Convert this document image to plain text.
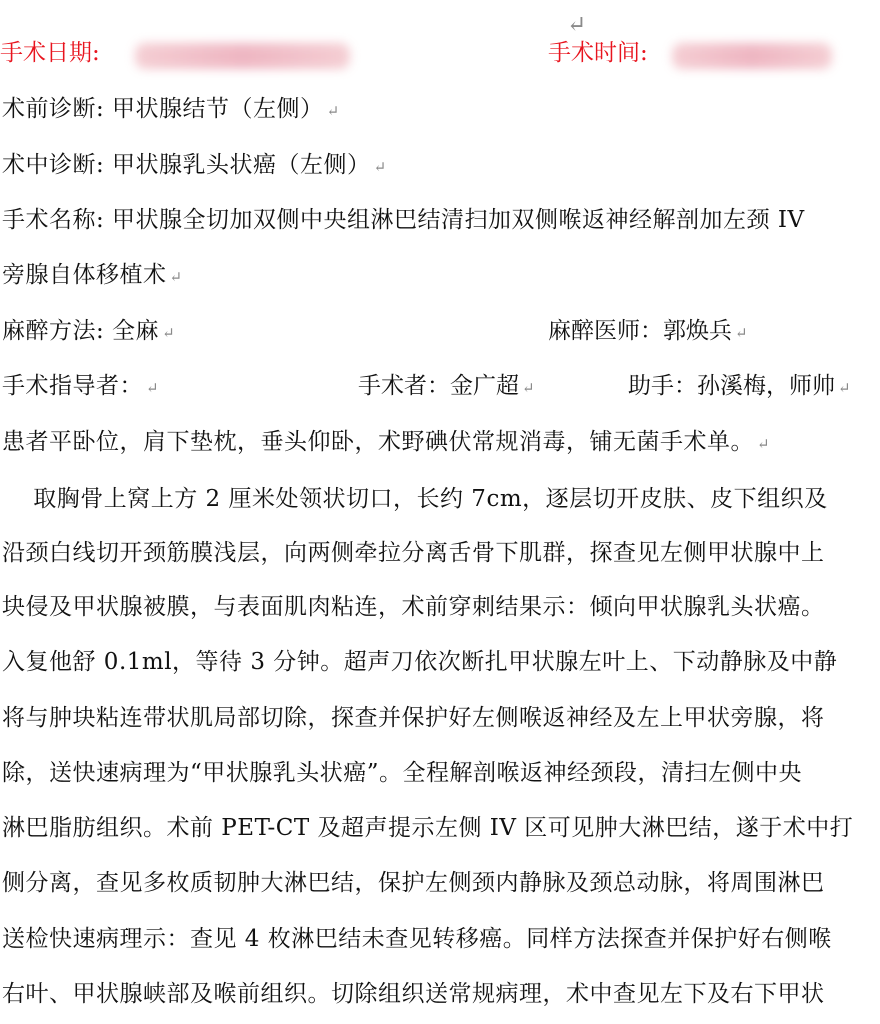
↵
手术日期:	手术时间:
术前诊断: 甲状腺结节（左侧） ↵
术中诊断: 甲状腺乳头状癌（左侧） ↵
手术名称: 甲状腺全切加双侧中央组淋巴结清扫加双侧喉返神经解剖加左颈 IV
旁腺自体移植术 ↵
麻醉方法: 全麻 ↵	麻醉医师：郭焕兵 ↵
手术指导者： ↵	手术者：金广超 ↵	助手：孙溪梅，师帅 ↵
患者平卧位，肩下垫枕，垂头仰卧，术野碘伏常规消毒，铺无菌手术单。 ↵
取胸骨上窝上方 2 厘米处领状切口，长约 7cm，逐层切开皮肤、皮下组织及
沿颈白线切开颈筋膜浅层，向两侧牵拉分离舌骨下肌群，探查见左侧甲状腺中上
块侵及甲状腺被膜，与表面肌肉粘连，术前穿刺结果示：倾向甲状腺乳头状癌。
入复他舒 0.1ml，等待 3 分钟。超声刀依次断扎甲状腺左叶上、下动静脉及中静
将与肿块粘连带状肌局部切除，探查并保护好左侧喉返神经及左上甲状旁腺，将
除，送快速病理为“甲状腺乳头状癌”。全程解剖喉返神经颈段，清扫左侧中央
淋巴脂肪组织。术前 PET-CT 及超声提示左侧 IV 区可见肿大淋巴结，遂于术中打
侧分离，查见多枚质韧肿大淋巴结，保护左侧颈内静脉及颈总动脉，将周围淋巴
送检快速病理示：查见 4 枚淋巴结未查见转移癌。同样方法探查并保护好右侧喉
右叶、甲状腺峡部及喉前组织。切除组织送常规病理，术中查见左下及右下甲状
